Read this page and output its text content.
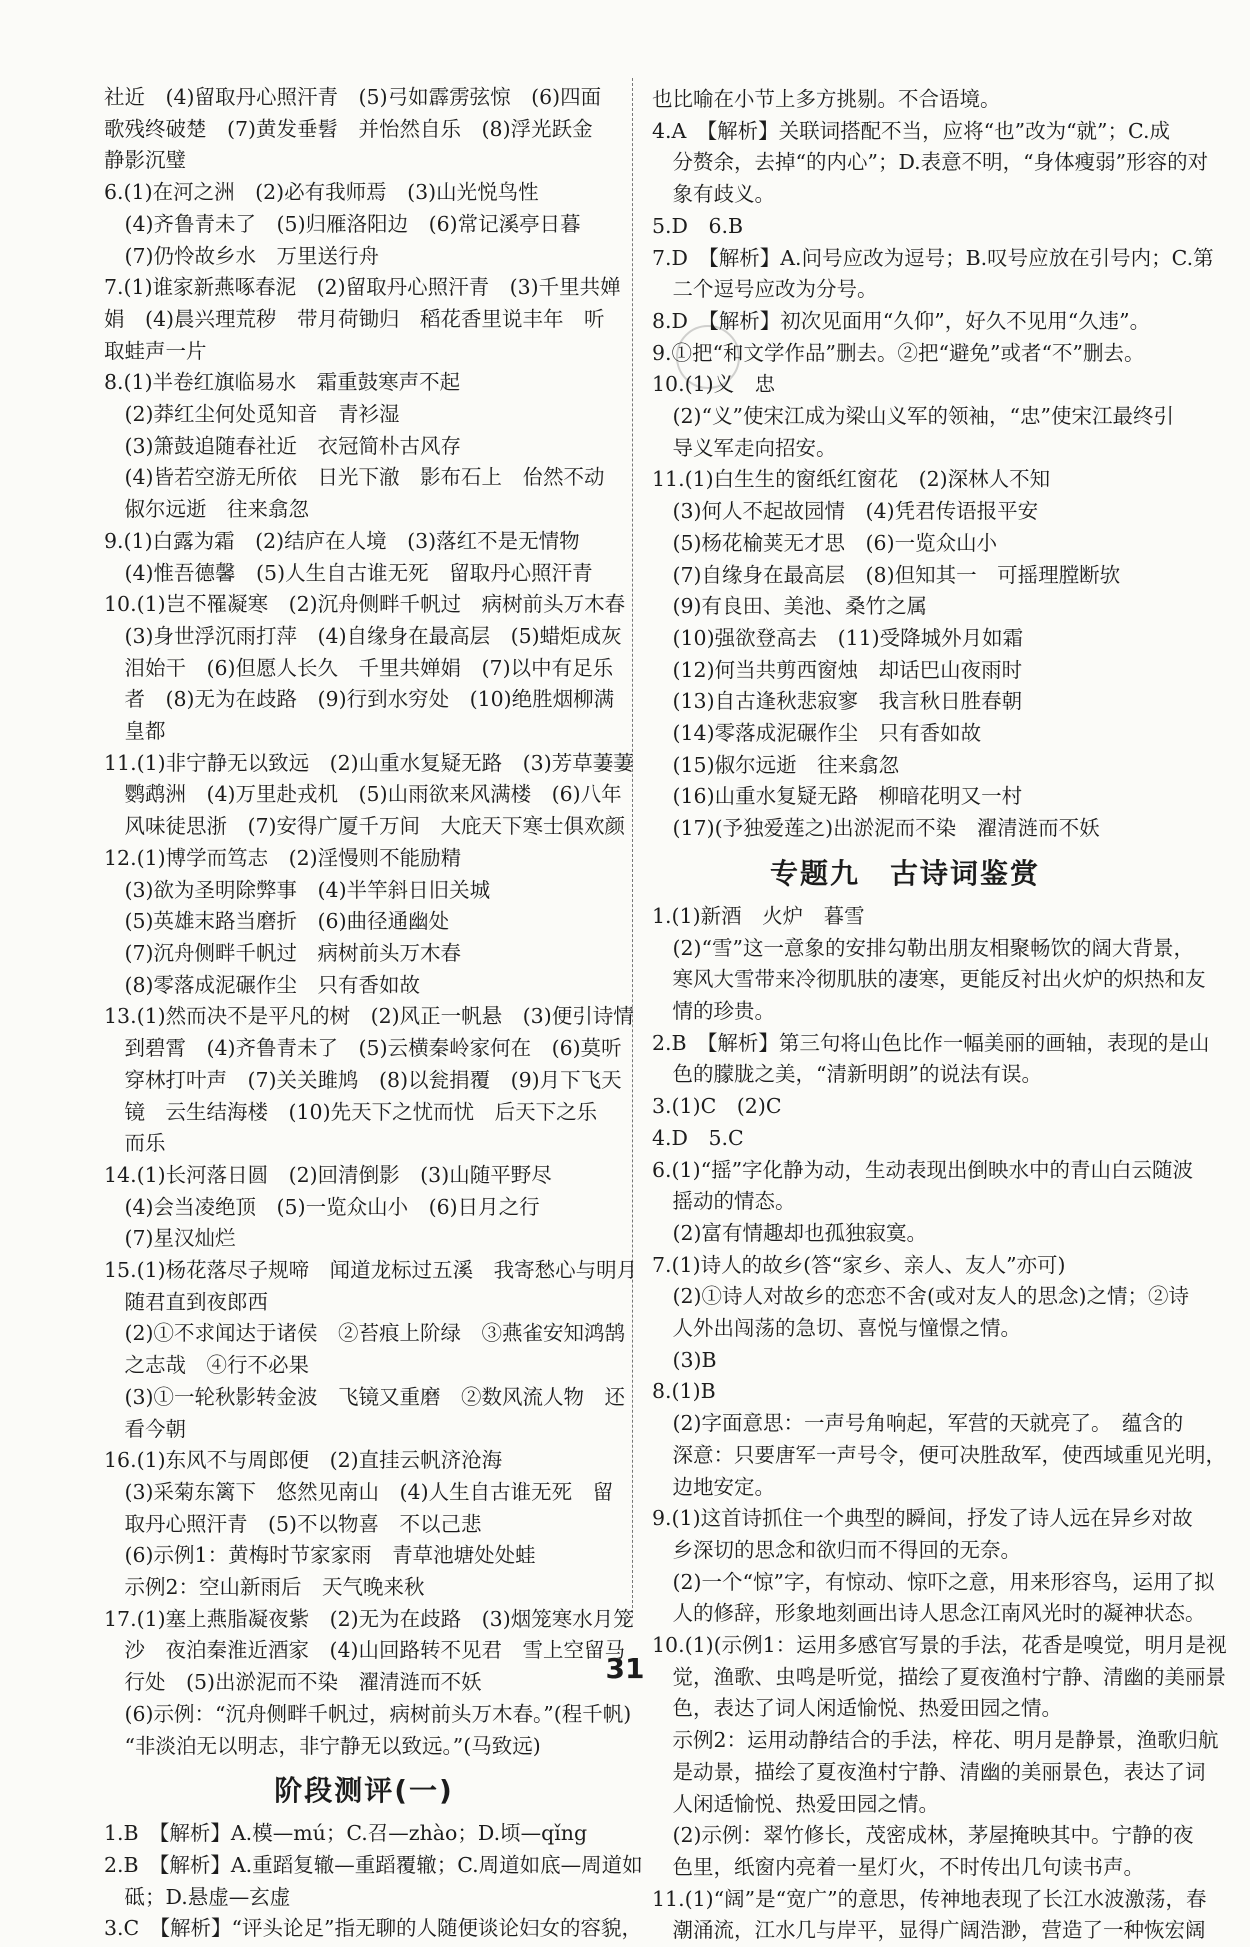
社近　(4)留取丹心照汗青　(5)弓如霹雳弦惊　(6)四面
歌残终破楚　(7)黄发垂髫　并怡然自乐　(8)浮光跃金
静影沉璧
6.(1)在河之洲　(2)必有我师焉　(3)山光悦鸟性
　(4)齐鲁青未了　(5)归雁洛阳边　(6)常记溪亭日暮
　(7)仍怜故乡水　万里送行舟
7.(1)谁家新燕啄春泥　(2)留取丹心照汗青　(3)千里共婵
娟　(4)晨兴理荒秽　带月荷锄归　稻花香里说丰年　听
取蛙声一片
8.(1)半卷红旗临易水　霜重鼓寒声不起
　(2)莽红尘何处觅知音　青衫湿
　(3)箫鼓追随春社近　衣冠简朴古风存
　(4)皆若空游无所依　日光下澈　影布石上　佁然不动
　俶尔远逝　往来翕忽
9.(1)白露为霜　(2)结庐在人境　(3)落红不是无情物
　(4)惟吾德馨　(5)人生自古谁无死　留取丹心照汗青
10.(1)岂不罹凝寒　(2)沉舟侧畔千帆过　病树前头万木春
　(3)身世浮沉雨打萍　(4)自缘身在最高层　(5)蜡炬成灰
　泪始干　(6)但愿人长久　千里共婵娟　(7)以中有足乐
　者　(8)无为在歧路　(9)行到水穷处　(10)绝胜烟柳满
　皇都
11.(1)非宁静无以致远　(2)山重水复疑无路　(3)芳草萋萋
　鹦鹉洲　(4)万里赴戎机　(5)山雨欲来风满楼　(6)八年
　风味徒思浙　(7)安得广厦千万间　大庇天下寒士俱欢颜
12.(1)博学而笃志　(2)淫慢则不能励精
　(3)欲为圣明除弊事　(4)半竿斜日旧关城
　(5)英雄末路当磨折　(6)曲径通幽处
　(7)沉舟侧畔千帆过　病树前头万木春
　(8)零落成泥碾作尘　只有香如故
13.(1)然而决不是平凡的树　(2)风正一帆悬　(3)便引诗情
　到碧霄　(4)齐鲁青未了　(5)云横秦岭家何在　(6)莫听
　穿林打叶声　(7)关关雎鸠　(8)以瓮捐覆　(9)月下飞天
　镜　云生结海楼　(10)先天下之忧而忧　后天下之乐
　而乐
14.(1)长河落日圆　(2)回清倒影　(3)山随平野尽
　(4)会当凌绝顶　(5)一览众山小　(6)日月之行
　(7)星汉灿烂
15.(1)杨花落尽子规啼　闻道龙标过五溪　我寄愁心与明月
　随君直到夜郎西
　(2)①不求闻达于诸侯　②苔痕上阶绿　③燕雀安知鸿鹄
　之志哉　④行不必果
　(3)①一轮秋影转金波　飞镜又重磨　②数风流人物　还
　看今朝
16.(1)东风不与周郎便　(2)直挂云帆济沧海
　(3)采菊东篱下　悠然见南山　(4)人生自古谁无死　留
　取丹心照汗青　(5)不以物喜　不以己悲
　(6)示例1：黄梅时节家家雨　青草池塘处处蛙
　示例2：空山新雨后　天气晚来秋
17.(1)塞上燕脂凝夜紫　(2)无为在歧路　(3)烟笼寒水月笼
　沙　夜泊秦淮近酒家　(4)山回路转不见君　雪上空留马
　行处　(5)出淤泥而不染　濯清涟而不妖
　(6)示例：“沉舟侧畔千帆过，病树前头万木春。”(程千帆)
　“非淡泊无以明志，非宁静无以致远。”(马致远)
阶段测评(一)
1.B　【解析】A.模—mú；C.召—zhào；D.顷—qǐng
2.B　【解析】A.重蹈复辙—重蹈覆辙；C.周道如底—周道如
　砥；D.悬虚—玄虚
3.C　【解析】“评头论足”指无聊的人随便谈论妇女的容貌，
也比喻在小节上多方挑剔。不合语境。
4.A　【解析】关联词搭配不当，应将“也”改为“就”；C.成
　分赘余，去掉“的内心”；D.表意不明，“身体瘦弱”形容的对
　象有歧义。
5.D　6.B
7.D　【解析】A.问号应改为逗号；B.叹号应放在引号内；C.第
　二个逗号应改为分号。
8.D　【解析】初次见面用“久仰”，好久不见用“久违”。
9.①把“和文学作品”删去。②把“避免”或者“不”删去。
10.(1)义　忠
　(2)“义”使宋江成为梁山义军的领袖，“忠”使宋江最终引
　导义军走向招安。
11.(1)白生生的窗纸红窗花　(2)深林人不知
　(3)何人不起故园情　(4)凭君传语报平安
　(5)杨花榆荚无才思　(6)一览众山小
　(7)自缘身在最高层　(8)但知其一　可摇理膛断欤
　(9)有良田、美池、桑竹之属
　(10)强欲登高去　(11)受降城外月如霜
　(12)何当共剪西窗烛　却话巴山夜雨时
　(13)自古逢秋悲寂寥　我言秋日胜春朝
　(14)零落成泥碾作尘　只有香如故
　(15)俶尔远逝　往来翕忽
　(16)山重水复疑无路　柳暗花明又一村
　(17)(予独爱莲之)出淤泥而不染　濯清涟而不妖
专题九　古诗词鉴赏
1.(1)新酒　火炉　暮雪
　(2)“雪”这一意象的安排勾勒出朋友相聚畅饮的阔大背景，
　寒风大雪带来冷彻肌肤的凄寒，更能反衬出火炉的炽热和友
　情的珍贵。
2.B　【解析】第三句将山色比作一幅美丽的画轴，表现的是山
　色的朦胧之美，“清新明朗”的说法有误。
3.(1)C　(2)C
4.D　5.C
6.(1)“摇”字化静为动，生动表现出倒映水中的青山白云随波
　摇动的情态。
　(2)富有情趣却也孤独寂寞。
7.(1)诗人的故乡(答“家乡、亲人、友人”亦可)
　(2)①诗人对故乡的恋恋不舍(或对友人的思念)之情；②诗
　人外出闯荡的急切、喜悦与憧憬之情。
　(3)B
8.(1)B
　(2)字面意思：一声号角响起，军营的天就亮了。　蕴含的
　深意：只要唐军一声号令，便可决胜敌军，使西域重见光明，
　边地安定。
9.(1)这首诗抓住一个典型的瞬间，抒发了诗人远在异乡对故
　乡深切的思念和欲归而不得回的无奈。
　(2)一个“惊”字，有惊动、惊吓之意，用来形容鸟，运用了拟
　人的修辞，形象地刻画出诗人思念江南风光时的凝神状态。
10.(1)(示例1：运用多感官写景的手法，花香是嗅觉，明月是视
　觉，渔歌、虫鸣是听觉，描绘了夏夜渔村宁静、清幽的美丽景
　色，表达了词人闲适愉悦、热爱田园之情。
　示例2：运用动静结合的手法，梓花、明月是静景，渔歌归航
　是动景，描绘了夏夜渔村宁静、清幽的美丽景色，表达了词
　人闲适愉悦、热爱田园之情。
　(2)示例：翠竹修长，茂密成林，茅屋掩映其中。宁静的夜
　色里，纸窗内亮着一星灯火，不时传出几句读书声。
11.(1)“阔”是“宽广”的意思，传神地表现了长江水波激荡，春
　潮涌流，江水几与岸平，显得广阔浩渺，营造了一种恢宏阔
31
